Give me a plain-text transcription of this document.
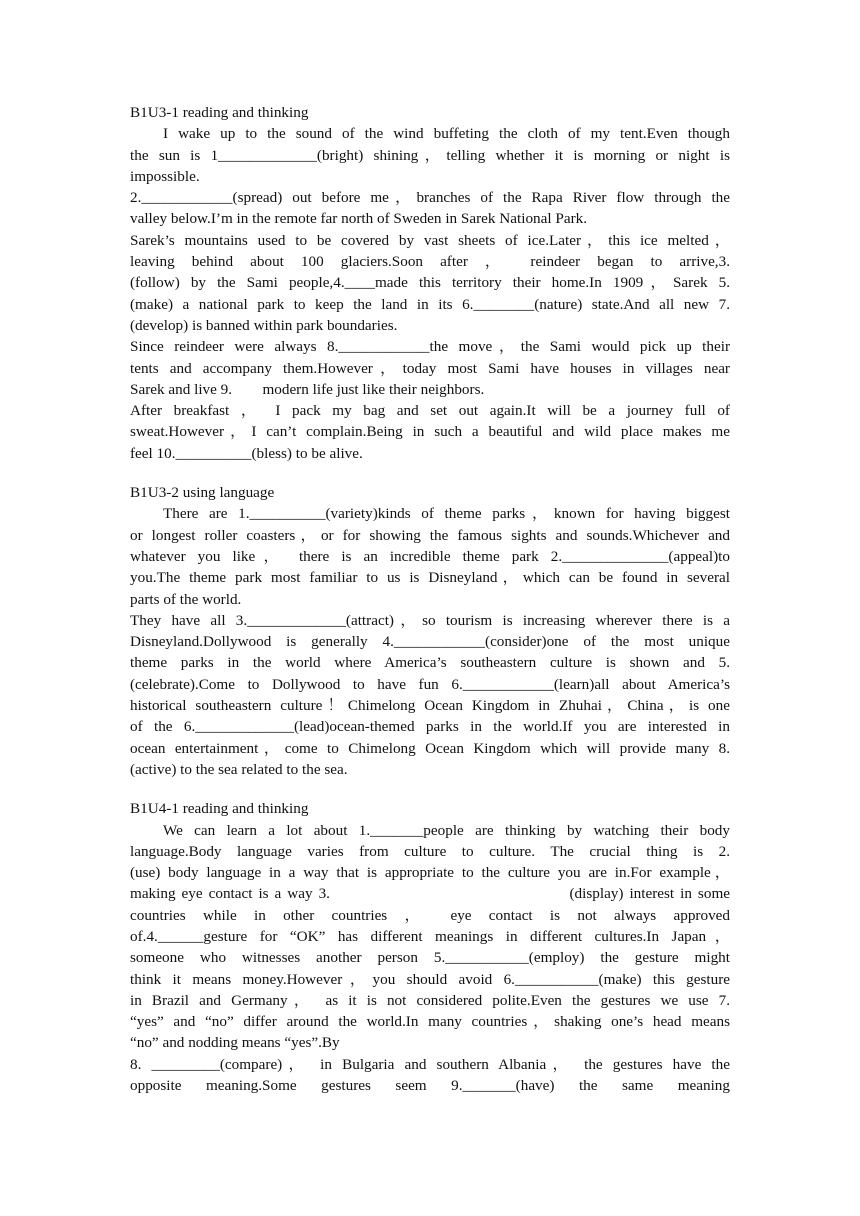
B1U3-1 reading and thinking
I wake up to the sound of the wind buffeting the cloth of my tent.Even though
the sun is 1_____________(bright) shining，telling whether it is morning or night is
impossible.
2.____________(spread) out before me，branches of the Rapa River flow through the
valley below.I’m in the remote far north of Sweden in Sarek National Park.
Sarek’s mountains used to be covered by vast sheets of ice.Later，this ice melted，
leaving behind about 100 glaciers.Soon after ， reindeer began to arrive,3.
(follow) by the Sami people,4.____made this territory their home.In 1909，Sarek 5.
(make) a national park to keep the land in its 6.________(nature) state.And all new 7.
(develop) is banned within park boundaries.
Since reindeer were always 8.____________the move，the Sami would pick up their
tents and accompany them.However，today most Sami have houses in villages near
Sarek and live 9.        modern life just like their neighbors.
After breakfast ， I pack my bag and set out again.It will be a journey full of
sweat.However，I can’t complain.Being in such a beautiful and wild place makes me
feel 10.__________(bless) to be alive.
B1U3-2 using language
There are 1.__________(variety)kinds of theme parks，known for having biggest
or longest roller coasters，or for showing the famous sights and sounds.Whichever and
whatever you like， there is an incredible theme park 2.______________(appeal)to
you.The theme park most familiar to us is Disneyland，which can be found in several
parts of the world.
They have all 3._____________(attract)，so tourism is increasing wherever there is a
Disneyland.Dollywood is generally 4.____________(consider)one of the most unique
theme parks in the world where America’s southeastern culture is shown and 5.
(celebrate).Come to Dollywood to have fun 6.____________(learn)all about America’s
historical southeastern culture！Chimelong Ocean Kingdom in Zhuhai，China，is one
of the 6._____________(lead)ocean-themed parks in the world.If you are interested in
ocean entertainment，come to Chimelong Ocean Kingdom which will provide many 8.
(active) to the sea related to the sea.
B1U4-1 reading and thinking
We can learn a lot about 1._______people are thinking by watching their body
language.Body language varies from culture to culture. The crucial thing is 2.
(use) body language in a way that is appropriate to the culture you are in.For example，
making eye contact is a way 3.                                        (display) interest in some
countries while in other countries ， eye contact is not always approved
of.4.______gesture for “OK” has different meanings in different cultures.In Japan，
someone who witnesses another person 5.___________(employ) the gesture might
think it means money.However，you should avoid 6.___________(make) this gesture
in Brazil and Germany， as it is not considered polite.Even the gestures we use 7.
“yes” and “no” differ around the world.In many countries，shaking one’s head means
“no” and nodding means “yes”.By
8. _________(compare)， in Bulgaria and southern Albania， the gestures have the
opposite meaning.Some gestures seem 9._______(have) the same meaning
